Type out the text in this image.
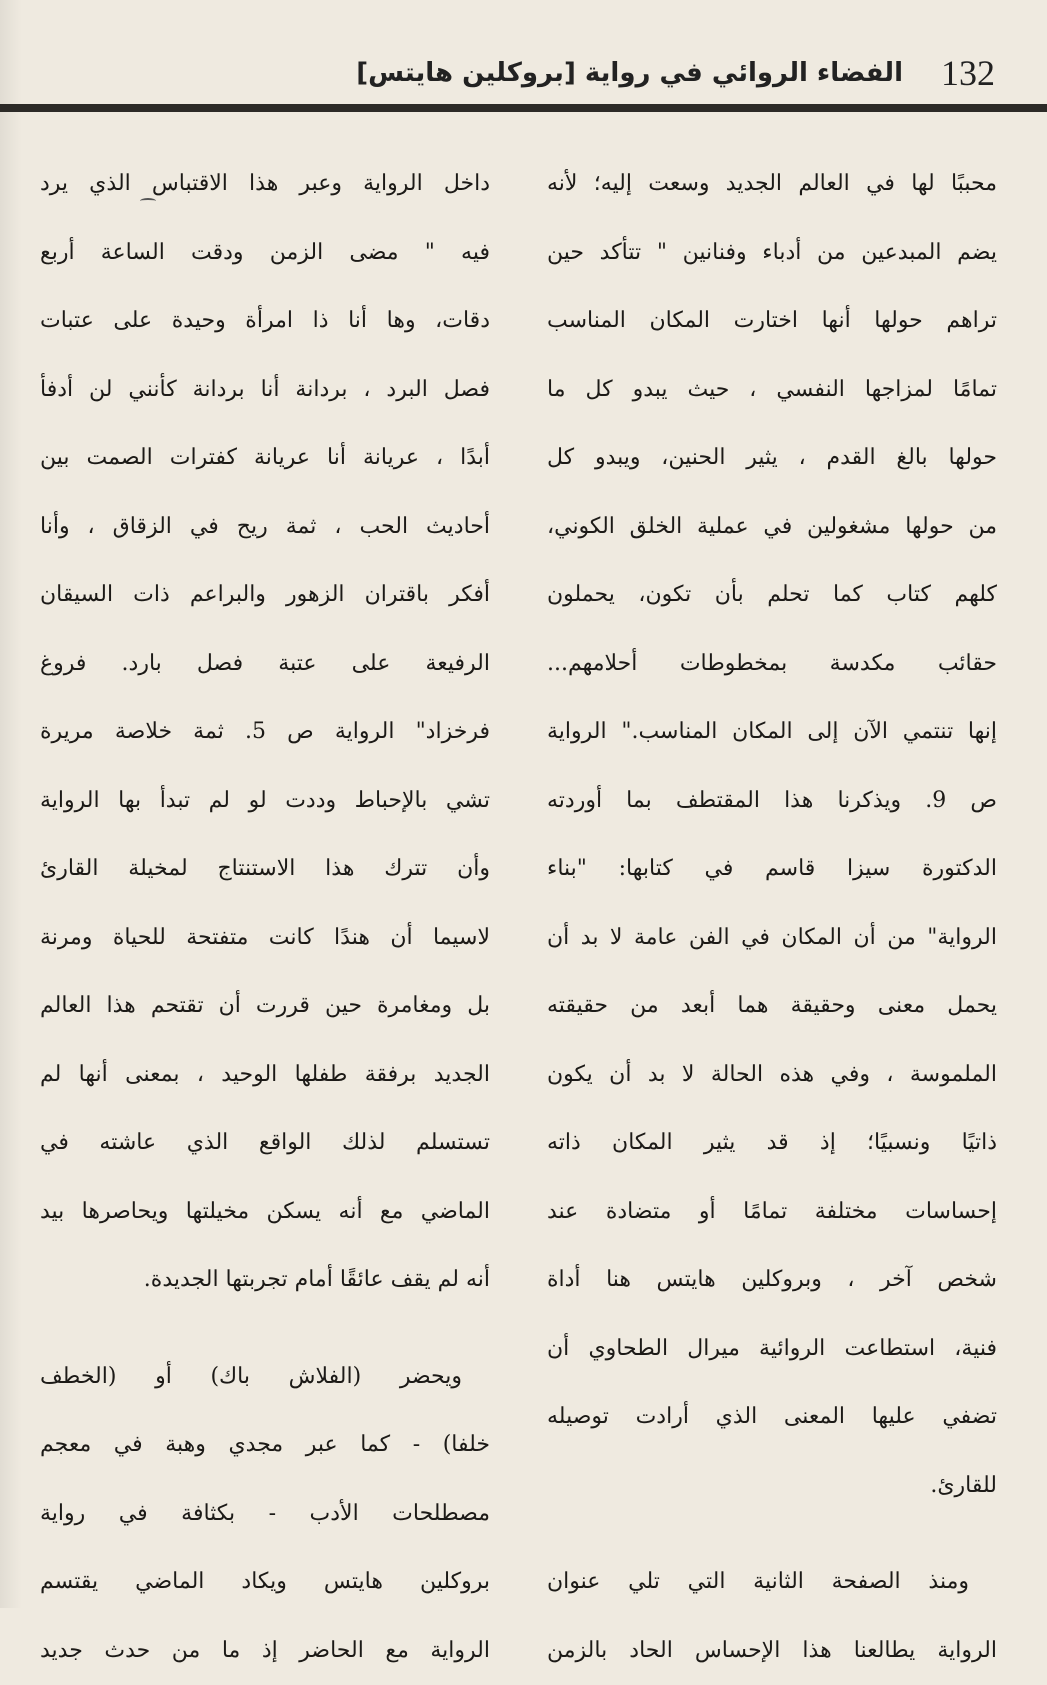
132
الفضاء الروائي في رواية [بروكلين هايتس]
محببًا لها في العالم الجديد وسعت إليه؛ لأنه
يضم المبدعين من أدباء وفنانين " تتأكد حين
تراهم حولها أنها اختارت المكان المناسب
تمامًا لمزاجها النفسي ، حيث يبدو كل ما
حولها بالغ القدم ، يثير الحنين، ويبدو كل
من حولها مشغولين في عملية الخلق الكوني،
كلهم كتاب كما تحلم بأن تكون، يحملون
حقائب مكدسة بمخطوطات أحلامهم...
إنها تنتمي الآن إلى المكان المناسب." الرواية
ص 9. ويذكرنا هذا المقتطف بما أوردته
الدكتورة سيزا قاسم في كتابها: "بناء
الرواية" من أن المكان في الفن عامة لا بد أن
يحمل معنى وحقيقة هما أبعد من حقيقته
الملموسة ، وفي هذه الحالة لا بد أن يكون
ذاتيًا ونسبيًا؛ إذ قد يثير المكان ذاته
إحساسات مختلفة تمامًا أو متضادة عند
شخص آخر ، وبروكلين هايتس هنا أداة
فنية، استطاعت الروائية ميرال الطحاوي أن
تضفي عليها المعنى الذي أرادت توصيله
للقارئ.
ومنذ الصفحة الثانية التي تلي عنوان
الرواية يطالعنا هذا الإحساس الحاد بالزمن
داخل الرواية وعبر هذا الاقتباس الذي يرد
فيه " مضى الزمن ودقت الساعة أربع
دقات، وها أنا ذا امرأة وحيدة على عتبات
فصل البرد ، بردانة أنا بردانة كأنني لن أدفأ
أبدًا ، عريانة أنا عريانة كفترات الصمت بين
أحاديث الحب ، ثمة ريح في الزقاق ، وأنا
أفكر باقتران الزهور والبراعم ذات السيقان
الرفيعة على عتبة فصل بارد. فروغ
فرخزاد" الرواية ص 5. ثمة خلاصة مريرة
تشي بالإحباط وددت لو لم تبدأ بها الرواية
وأن تترك هذا الاستنتاج لمخيلة القارئ
لاسيما أن هندًا كانت متفتحة للحياة ومرنة
بل ومغامرة حين قررت أن تقتحم هذا العالم
الجديد برفقة طفلها الوحيد ، بمعنى أنها لم
تستسلم لذلك الواقع الذي عاشته في
الماضي مع أنه يسكن مخيلتها ويحاصرها بيد
أنه لم يقف عائقًا أمام تجربتها الجديدة.
ويحضر (الفلاش باك) أو (الخطف
خلفا) - كما عبر مجدي وهبة في معجم
مصطلحات الأدب - بكثافة في رواية
بروكلين هايتس ويكاد الماضي يقتسم
الرواية مع الحاضر إذ ما من حدث جديد
